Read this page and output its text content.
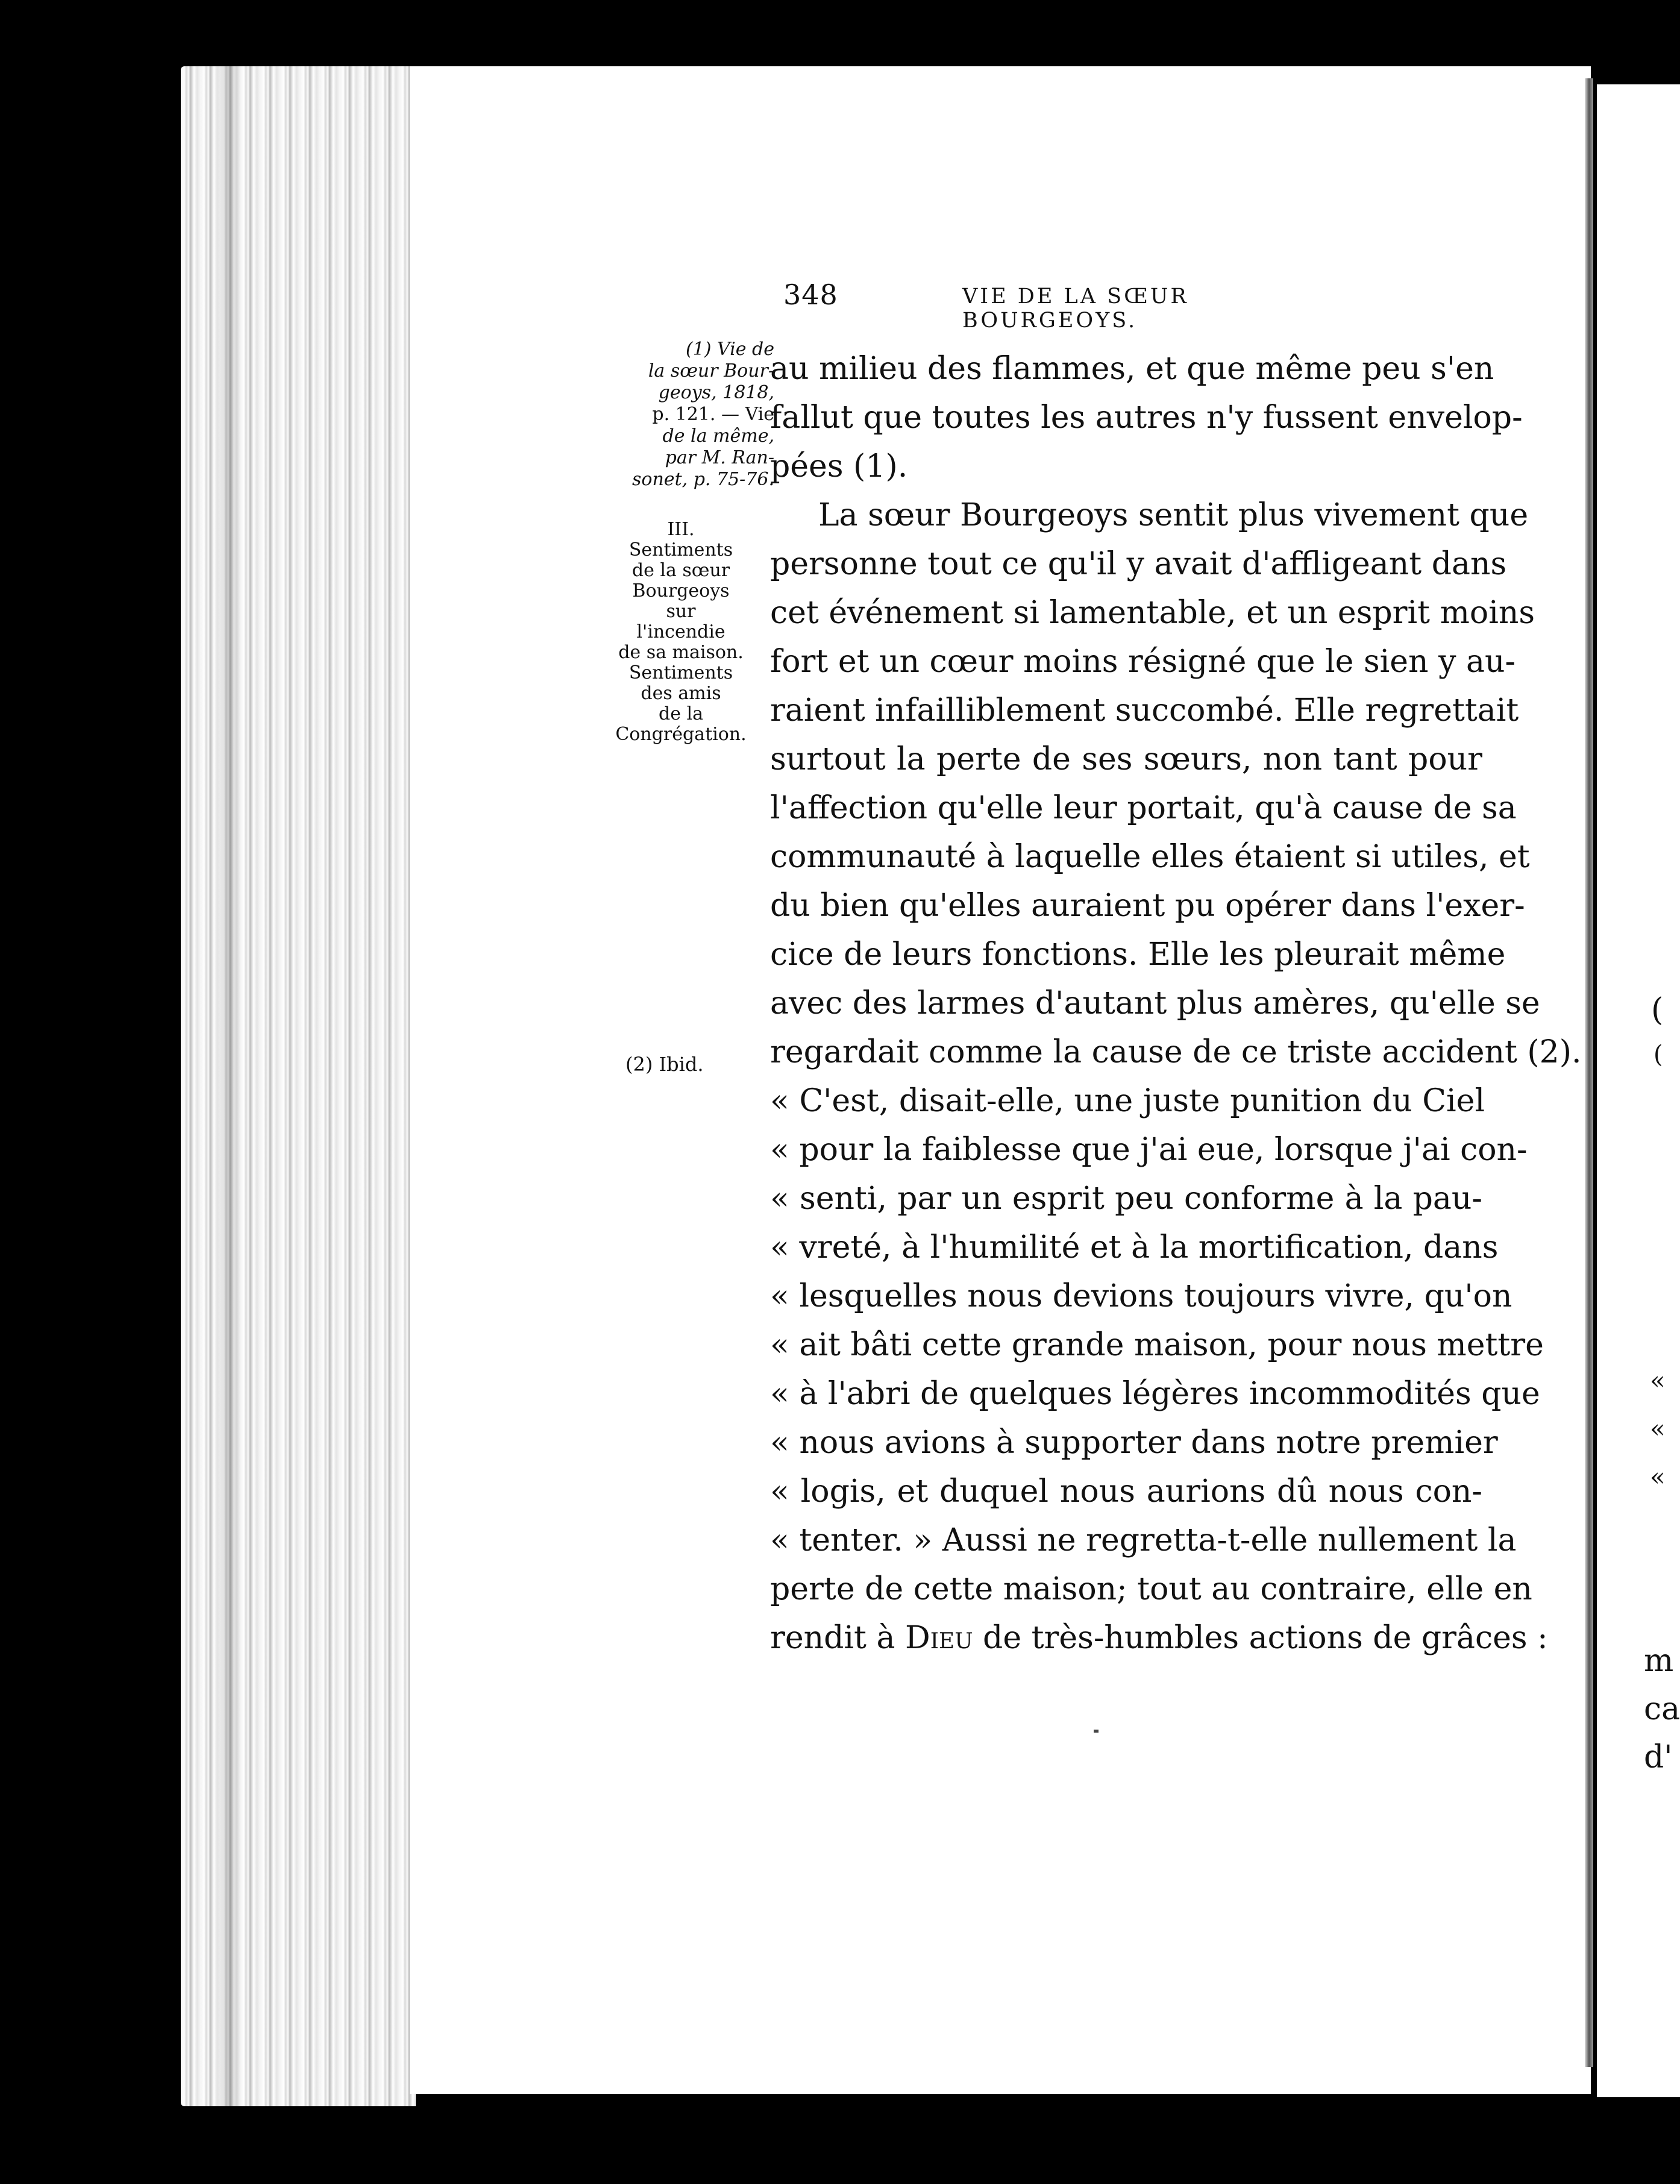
(
(
«
«
«
m
ca
d'
348	VIE DE LA SŒUR BOURGEOYS.
(1) Vie de
la sœur Bour-
geoys, 1818,
p. 121. — Vie
de la même,
par M. Ran-
sonet, p. 75-76.
III.
Sentiments
de la sœur
Bourgeoys
sur
l'incendie
de sa maison.
Sentiments
des amis
de la
Congrégation.
(2) Ibid.
au milieu des flammes, et que même peu s'en
fallut que toutes les autres n'y fussent envelop-
pées (1).
La sœur Bourgeoys sentit plus vivement que
personne tout ce qu'il y avait d'affligeant dans
cet événement si lamentable, et un esprit moins
fort et un cœur moins résigné que le sien y au-
raient infailliblement succombé. Elle regrettait
surtout la perte de ses sœurs, non tant pour
l'affection qu'elle leur portait, qu'à cause de sa
communauté à laquelle elles étaient si utiles, et
du bien qu'elles auraient pu opérer dans l'exer-
cice de leurs fonctions. Elle les pleurait même
avec des larmes d'autant plus amères, qu'elle se
regardait comme la cause de ce triste accident (2).
« C'est, disait-elle, une juste punition du Ciel
« pour la faiblesse que j'ai eue, lorsque j'ai con-
« senti, par un esprit peu conforme à la pau-
« vreté, à l'humilité et à la mortification, dans
« lesquelles nous devions toujours vivre, qu'on
« ait bâti cette grande maison, pour nous mettre
« à l'abri de quelques légères incommodités que
« nous avions à supporter dans notre premier
« logis, et duquel nous aurions dû nous con-
« tenter. » Aussi ne regretta-t-elle nullement la
perte de cette maison; tout au contraire, elle en
rendit à Dieu de très-humbles actions de grâces :
